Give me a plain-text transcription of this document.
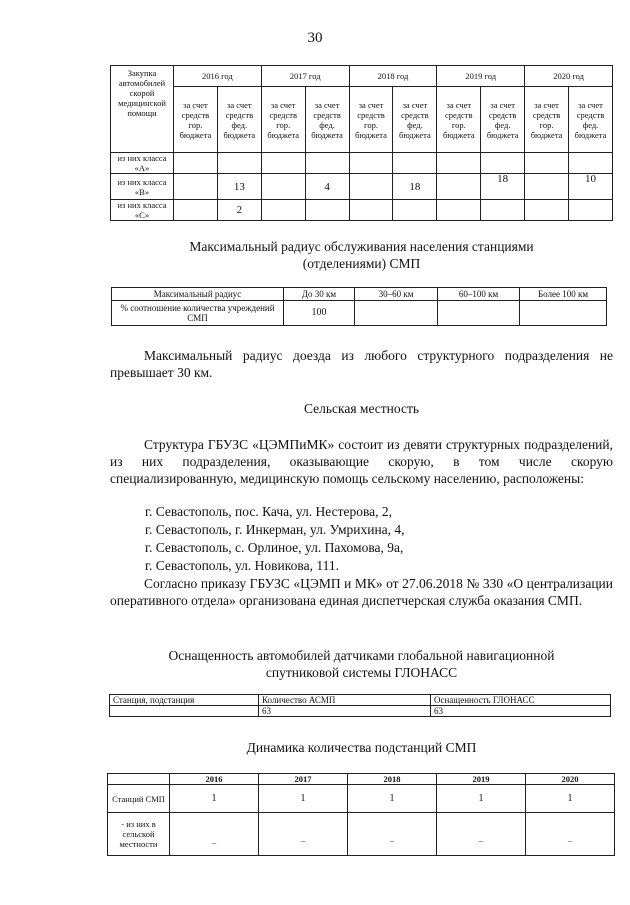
30
Закупка автомобилей скорой медицинской помощи	2016 год		2017 год		2018 год		2019 год		2020 год	
	за счет средств гор. бюджета	за счет средств фед. бюджета	за счет средств гор. бюджета	за счет средств фед. бюджета	за счет средств гор. бюджета	за счет средств фед. бюджета	за счет средств гор. бюджета	за счет средств фед. бюджета	за счет средств гор. бюджета	за счет средств фед. бюджета
из них класса «А»										
из них класса «В»		13		4		18		18		10
из них класса «С»		2								
Максимальный радиус обслуживания населения станциями
(отделениями) СМП
Максимальный радиус	До 30 км	30–60 км	60–100 км	Более 100 км
% соотношение количества учреждений СМП	100			
Максимальный радиус доезда из любого структурного подразделения не превышает 30 км.
Сельская местность
Структура ГБУЗС «ЦЭМПиМК» состоит из девяти структурных подразделений, из них подразделения, оказывающие скорую, в том числе скорую специализированную, медицинскую помощь сельскому населению, расположены:
г. Севастополь, пос. Кача, ул. Нестерова, 2,
г. Севастополь, г. Инкерман, ул. Умрихина, 4,
г. Севастополь, с. Орлиное, ул. Пахомова, 9а,
г. Севастополь, ул. Новикова, 111.
Согласно приказу ГБУЗС «ЦЭМП и МК» от 27.06.2018 № 330 «О централизации оперативного отдела» организована единая диспетчерская служба оказания СМП.
Оснащенность автомобилей датчиками глобальной навигационной
спутниковой системы ГЛОНАСС
Станция, подстанция	Количество АСМП	Оснащенность ГЛОНАСС
	63	63
Динамика количества подстанций СМП
	2016	2017	2018	2019	2020
Станций СМП	1	1	1	1	1
- из них в сельской местности	–	–	–	–	–
